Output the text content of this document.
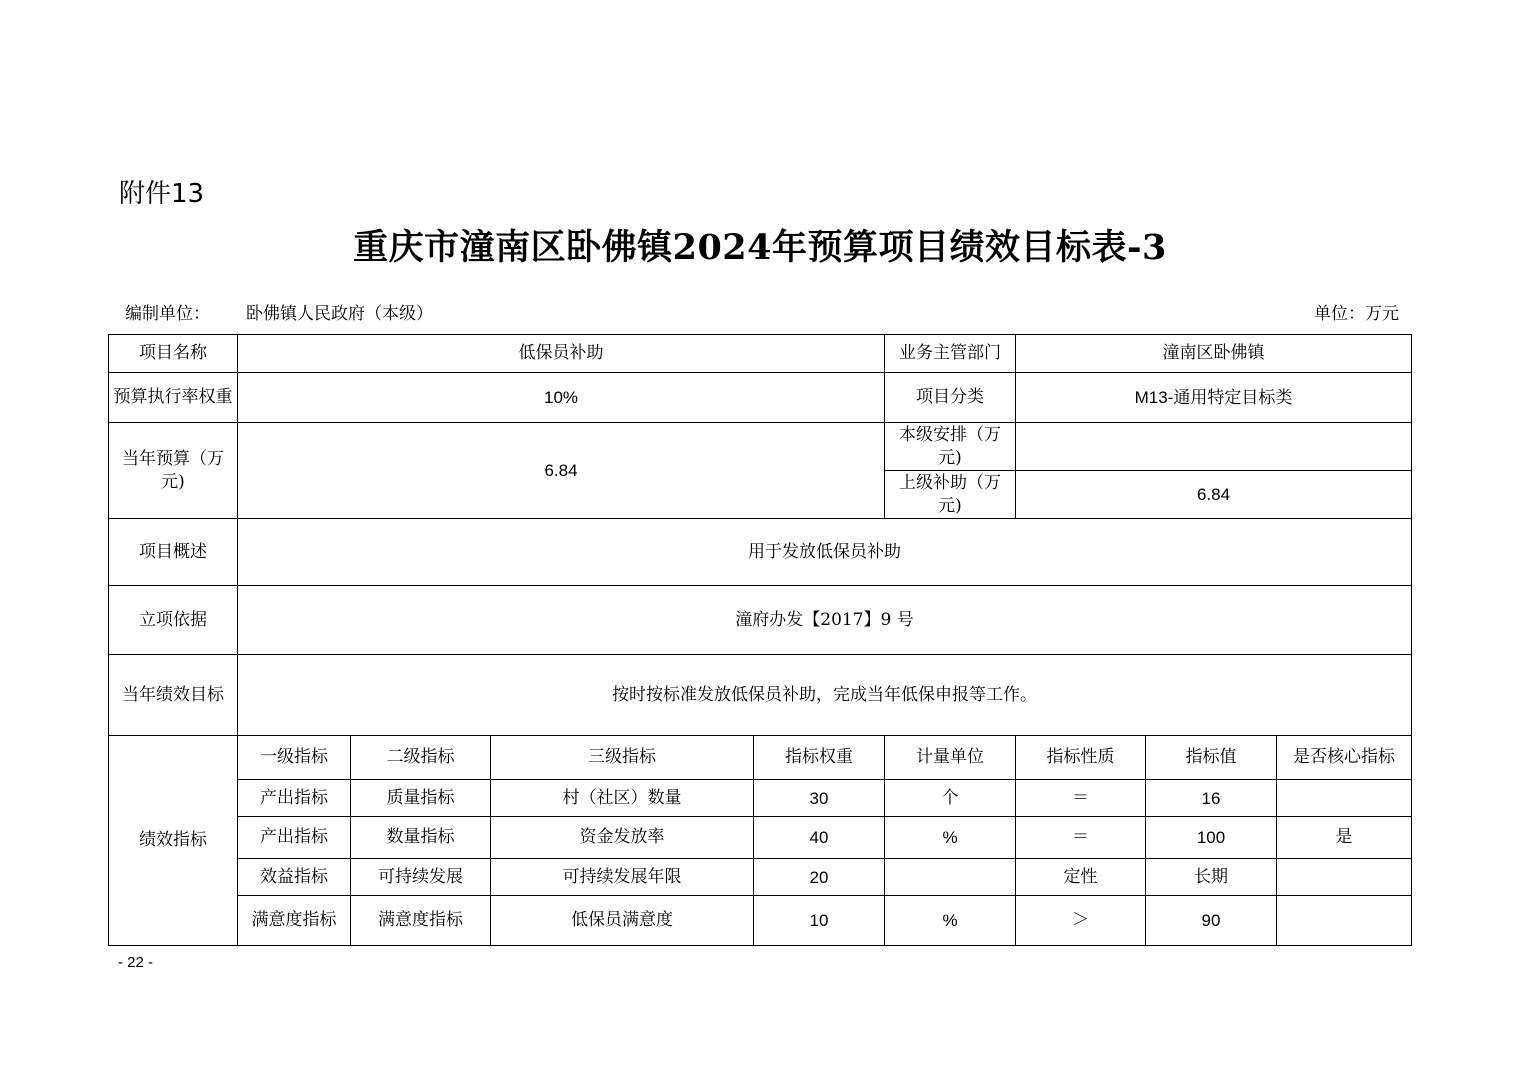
附件13
重庆市潼南区卧佛镇2024年预算项目绩效目标表-3
编制单位： 卧佛镇人民政府（本级）	单位：万元
项目名称	低保员补助				业务主管部门	潼南区卧佛镇		
预算执行率权重	10%				项目分类	M13-通用特定目标类		
当年预算（万元)	6.84				本级安排（万元)			
					上级补助（万元)	6.84		
项目概述	用于发放低保员补助							
立项依据	潼府办发【2017】9 号							
当年绩效目标	按时按标准发放低保员补助，完成当年低保申报等工作。							
绩效指标	一级指标	二级指标	三级指标	指标权重	计量单位	指标性质	指标值	是否核心指标
	产出指标	质量指标	村（社区）数量	30	个	＝	16	
	产出指标	数量指标	资金发放率	40	%	＝	100	是
	效益指标	可持续发展	可持续发展年限	20		定性	长期	
	满意度指标	满意度指标	低保员满意度	10	%	＞	90	
- 22 -
